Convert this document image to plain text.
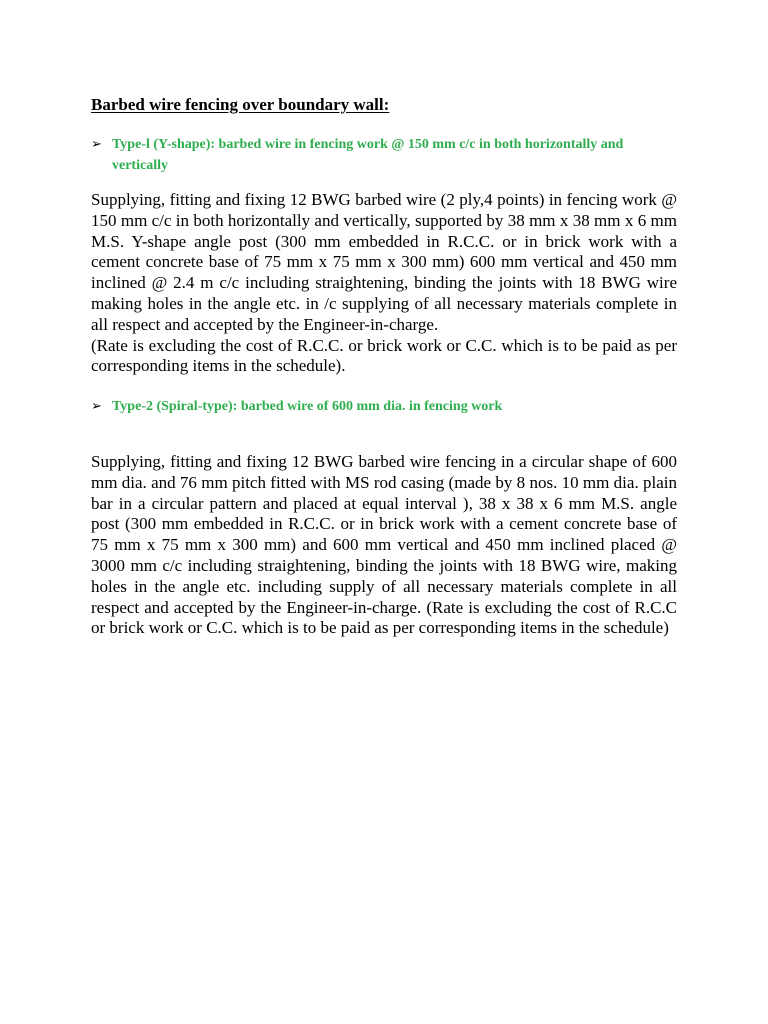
Barbed wire fencing over boundary wall:
➢ Type-l (Y-shape): barbed wire in fencing work @ 150 mm c/c in both horizontally and vertically

Supplying, fitting and fixing 12 BWG barbed wire (2 ply,4 points) in fencing work @ 150 mm c/c in both horizontally and vertically, supported by 38 mm x 38 mm x 6 mm M.S. Y-shape angle post (300 mm embedded in R.C.C. or in brick work with a cement concrete base of 75 mm x 75 mm x 300 mm) 600 mm vertical and 450 mm inclined @ 2.4 m c/c including straightening, binding the joints with 18 BWG wire making holes in the angle etc. in /c supplying of all necessary materials complete in all respect and accepted by the Engineer-in-charge.

(Rate is excluding the cost of R.C.C. or brick work or C.C. which is to be paid as per corresponding items in the schedule).

➢ Type-2 (Spiral-type): barbed wire of 600 mm dia. in fencing work

Supplying, fitting and fixing 12 BWG barbed wire fencing in a circular shape of 600 mm dia. and 76 mm pitch fitted with MS rod casing (made by 8 nos. 10 mm dia. plain bar in a circular pattern and placed at equal interval ), 38 x 38 x 6 mm M.S. angle post (300 mm embedded in R.C.C. or in brick work with a cement concrete base of 75 mm x 75 mm x 300 mm) and 600 mm vertical and 450 mm inclined placed @ 3000 mm c/c including straightening, binding the joints with 18 BWG wire, making holes in the angle etc. including supply of all necessary materials complete in all respect and accepted by the Engineer-in-charge. (Rate is excluding the cost of R.C.C or brick work or C.C. which is to be paid as per corresponding items in the schedule)
